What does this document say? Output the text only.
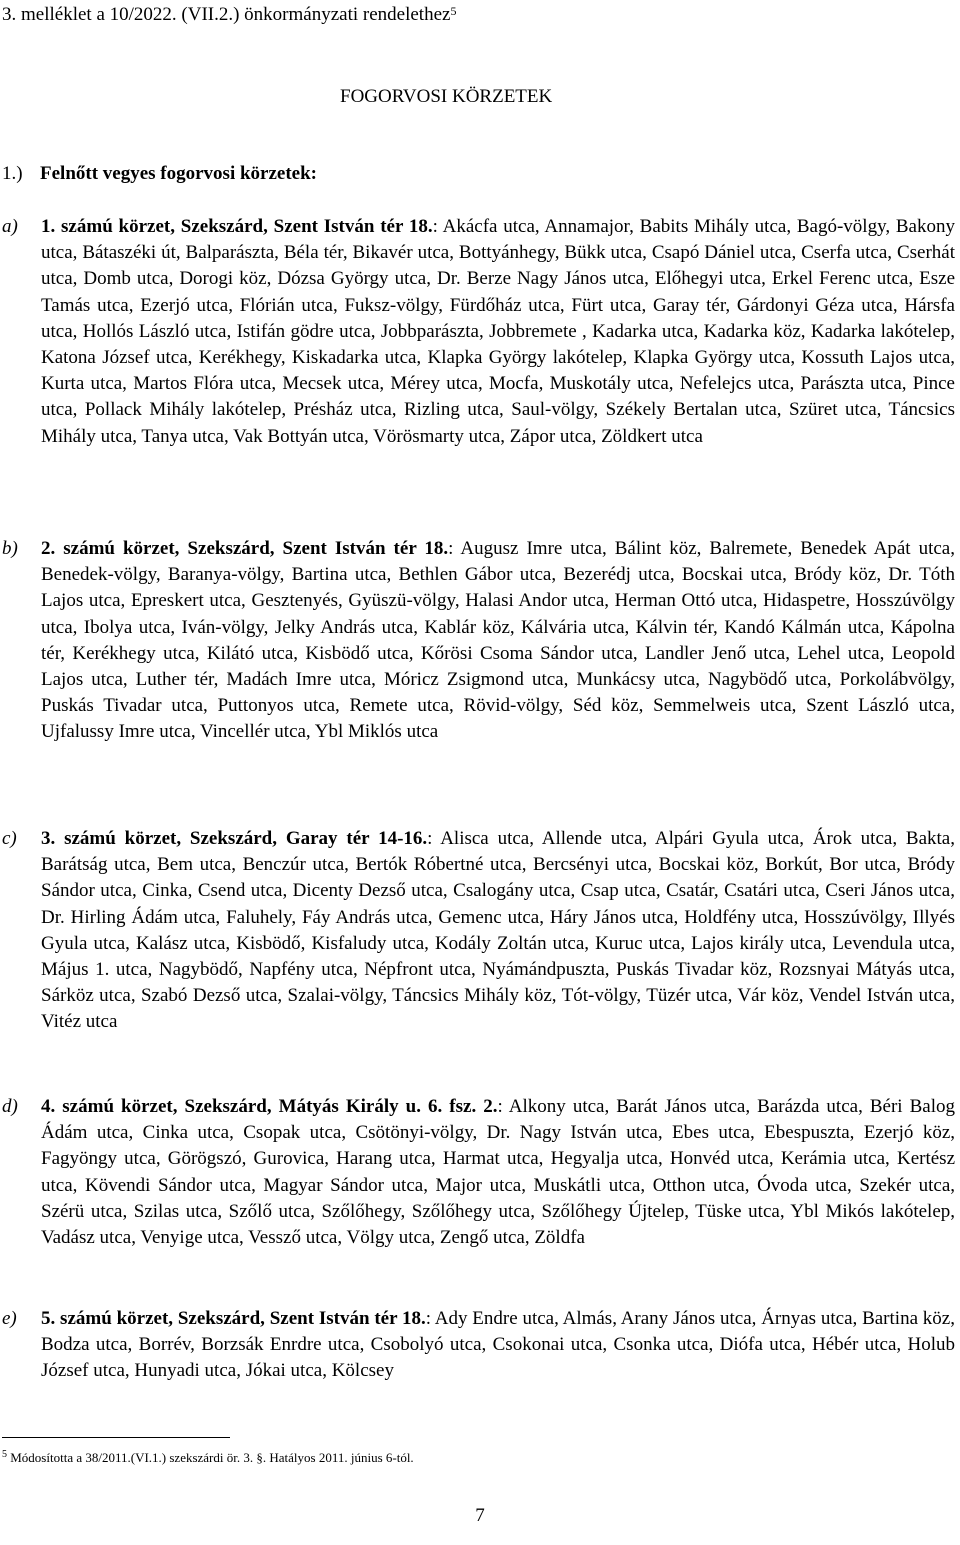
3. melléklet a 10/2022. (VII.2.) önkormányzati rendelethez$^5$
FOGORVOSI KÖRZETEK
1.) Felnőtt vegyes fogorvosi körzetek:
a) 1. számú körzet, Szekszárd, Szent István tér 18.: Akácfa utca, Annamajor, Babits Mihály utca, Bagó-völgy, Bakony utca, Bátaszéki út, Balparászta, Béla tér, Bikavér utca, Bottyánhegy, Bükk utca, Csapó Dániel utca, Cserfa utca, Cserhát utca, Domb utca, Dorogi köz, Dózsa György utca, Dr. Berze Nagy János utca, Előhegyi utca, Erkel Ferenc utca, Esze Tamás utca, Ezerjó utca, Flórián utca, Fuksz-völgy, Fürdőház utca, Fürt utca, Garay tér, Gárdonyi Géza utca, Hársfa utca, Hollós László utca, Istifán gödre utca, Jobbparászta, Jobbremete , Kadarka utca, Kadarka köz, Kadarka lakótelep, Katona József utca, Kerékhegy, Kiskadarka utca, Klapka György lakótelep, Klapka György utca, Kossuth Lajos utca, Kurta utca, Martos Flóra utca, Mecsek utca, Mérey utca, Mocfa, Muskotály utca, Nefelejcs utca, Parászta utca, Pince utca, Pollack Mihály lakótelep, Présház utca, Rizling utca, Saul-völgy, Székely Bertalan utca, Szüret utca, Táncsics Mihály utca, Tanya utca, Vak Bottyán utca, Vörösmarty utca, Zápor utca, Zöldkert utca
b) 2. számú körzet, Szekszárd, Szent István tér 18.: Augusz Imre utca, Bálint köz, Balremete, Benedek Apát utca, Benedek-völgy, Baranya-völgy, Bartina utca, Bethlen Gábor utca, Bezerédj utca, Bocskai utca, Bródy köz, Dr. Tóth Lajos utca, Epreskert utca, Gesztenyés, Gyüszü-völgy, Halasi Andor utca, Herman Ottó utca, Hidaspetre, Hosszúvölgy utca, Ibolya utca, Iván-völgy, Jelky András utca, Kablár köz, Kálvária utca, Kálvin tér, Kandó Kálmán utca, Kápolna tér, Kerékhegy utca, Kilátó utca, Kisbödő utca, Kőrösi Csoma Sándor utca, Landler Jenő utca, Lehel utca, Leopold Lajos utca, Luther tér, Madách Imre utca, Móricz Zsigmond utca, Munkácsy utca, Nagybödő utca, Porkolábvölgy, Puskás Tivadar utca, Puttonyos utca, Remete utca, Rövid-völgy, Séd köz, Semmelweis utca, Szent László utca, Ujfalussy Imre utca, Vincellér utca, Ybl Miklós utca
c) 3. számú körzet, Szekszárd, Garay tér 14-16.: Alisca utca, Allende utca, Alpári Gyula utca, Árok utca, Bakta, Barátság utca, Bem utca, Benczúr utca, Bertók Róbertné utca, Bercsényi utca, Bocskai köz, Borkút, Bor utca, Bródy Sándor utca, Cinka, Csend utca, Dicenty Dezső utca, Csalogány utca, Csap utca, Csatár, Csatári utca, Cseri János utca, Dr. Hirling Ádám utca, Faluhely, Fáy András utca, Gemenc utca, Háry János utca, Holdfény utca, Hosszúvölgy, Illyés Gyula utca, Kalász utca, Kisbödő, Kisfaludy utca, Kodály Zoltán utca, Kuruc utca, Lajos király utca, Levendula utca, Május 1. utca, Nagybödő, Napfény utca, Népfront utca, Nyámándpuszta, Puskás Tivadar köz, Rozsnyai Mátyás utca, Sárköz utca, Szabó Dezső utca, Szalai-völgy, Táncsics Mihály köz, Tót-völgy, Tüzér utca, Vár köz, Vendel István utca, Vitéz utca
d) 4. számú körzet, Szekszárd, Mátyás Király u. 6. fsz. 2.: Alkony utca, Barát János utca, Barázda utca, Béri Balog Ádám utca, Cinka utca, Csopak utca, Csötönyi-völgy, Dr. Nagy István utca, Ebes utca, Ebespuszta, Ezerjó köz, Fagyöngy utca, Görögszó, Gurovica, Harang utca, Harmat utca, Hegyalja utca, Honvéd utca, Kerámia utca, Kertész utca, Kövendi Sándor utca, Magyar Sándor utca, Major utca, Muskátli utca, Otthon utca, Óvoda utca, Szekér utca, Szérü utca, Szilas utca, Szőlő utca, Szőlőhegy, Szőlőhegy utca, Szőlőhegy Újtelep, Tüske utca, Ybl Mikós lakótelep, Vadász utca, Venyige utca, Vessző utca, Völgy utca, Zengő utca, Zöldfa
e) 5. számú körzet, Szekszárd, Szent István tér 18.: Ady Endre utca, Almás, Arany János utca, Árnyas utca, Bartina köz, Bodza utca, Borrév, Borzsák Enrdre utca, Csobolyó utca, Csokonai utca, Csonka utca, Diófa utca, Hébér utca, Holub József utca, Hunyadi utca, Jókai utca, Kölcsey
$^5$ Módosította a 38/2011.(VI.1.) szekszárdi ör. 3. §. Hatályos 2011. június 6-tól.
7
